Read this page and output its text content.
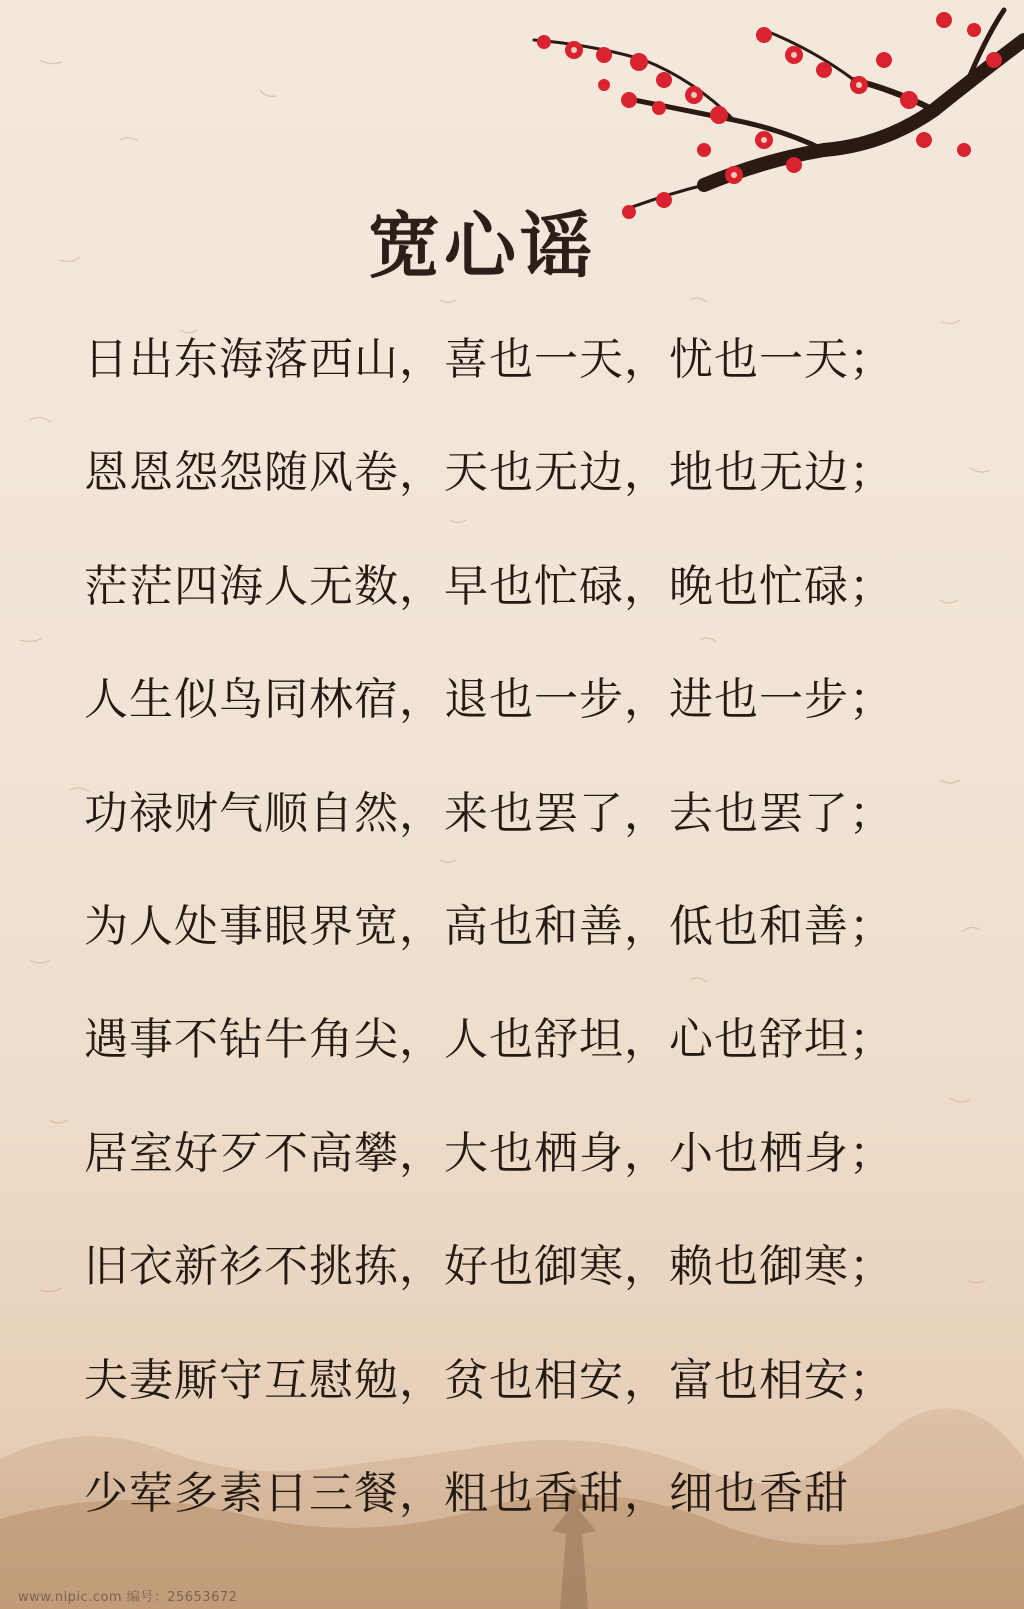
宽心谣
日出东海落西山，喜也一天，忧也一天；
恩恩怨怨随风卷，天也无边，地也无边；
茫茫四海人无数，早也忙碌，晚也忙碌；
人生似鸟同林宿，退也一步，进也一步；
功禄财气顺自然，来也罢了，去也罢了；
为人处事眼界宽，高也和善，低也和善；
遇事不钻牛角尖，人也舒坦，心也舒坦；
居室好歹不高攀，大也栖身，小也栖身；
旧衣新衫不挑拣，好也御寒，赖也御寒；
夫妻厮守互慰勉，贫也相安，富也相安；
少荤多素日三餐，粗也香甜，细也香甜
www.nipic.com 编号：25653672
